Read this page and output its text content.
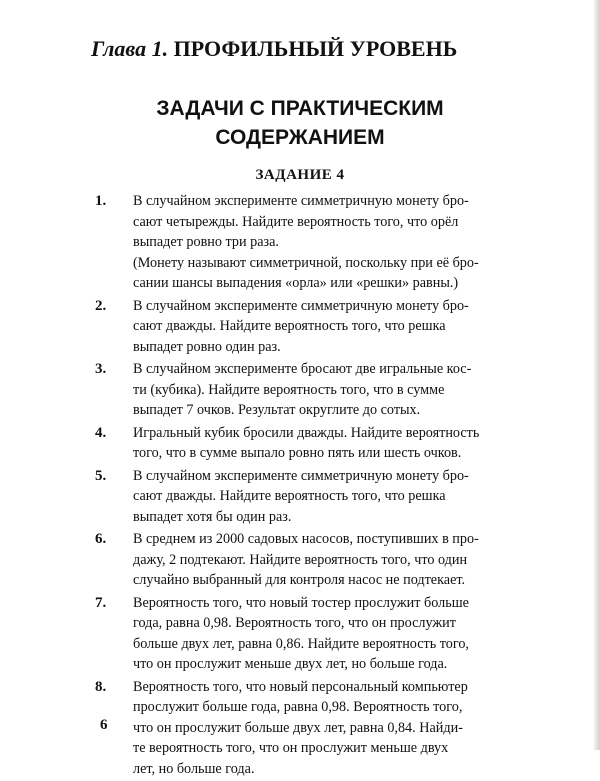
Глава 1. ПРОФИЛЬНЫЙ УРОВЕНЬ
ЗАДАЧИ С ПРАКТИЧЕСКИМ
СОДЕРЖАНИЕМ
ЗАДАНИЕ 4
1. В случайном эксперименте симметричную монету бро-
сают четырежды. Найдите вероятность того, что орёл
выпадет ровно три раза.
(Монету называют симметричной, поскольку при её бро-
сании шансы выпадения «орла» или «решки» равны.)
2. В случайном эксперименте симметричную монету бро-
сают дважды. Найдите вероятность того, что решка
выпадет ровно один раз.
3. В случайном эксперименте бросают две игральные кос-
ти (кубика). Найдите вероятность того, что в сумме
выпадет 7 очков. Результат округлите до сотых.
4. Игральный кубик бросили дважды. Найдите вероятность
того, что в сумме выпало ровно пять или шесть очков.
5. В случайном эксперименте симметричную монету бро-
сают дважды. Найдите вероятность того, что решка
выпадет хотя бы один раз.
6. В среднем из 2000 садовых насосов, поступивших в про-
дажу, 2 подтекают. Найдите вероятность того, что один
случайно выбранный для контроля насос не подтекает.
7. Вероятность того, что новый тостер прослужит больше
года, равна 0,98. Вероятность того, что он прослужит
больше двух лет, равна 0,86. Найдите вероятность того,
что он прослужит меньше двух лет, но больше года.
8. Вероятность того, что новый персональный компьютер
прослужит больше года, равна 0,98. Вероятность того,
что он прослужит больше двух лет, равна 0,84. Найди-
те вероятность того, что он прослужит меньше двух
лет, но больше года.
6
